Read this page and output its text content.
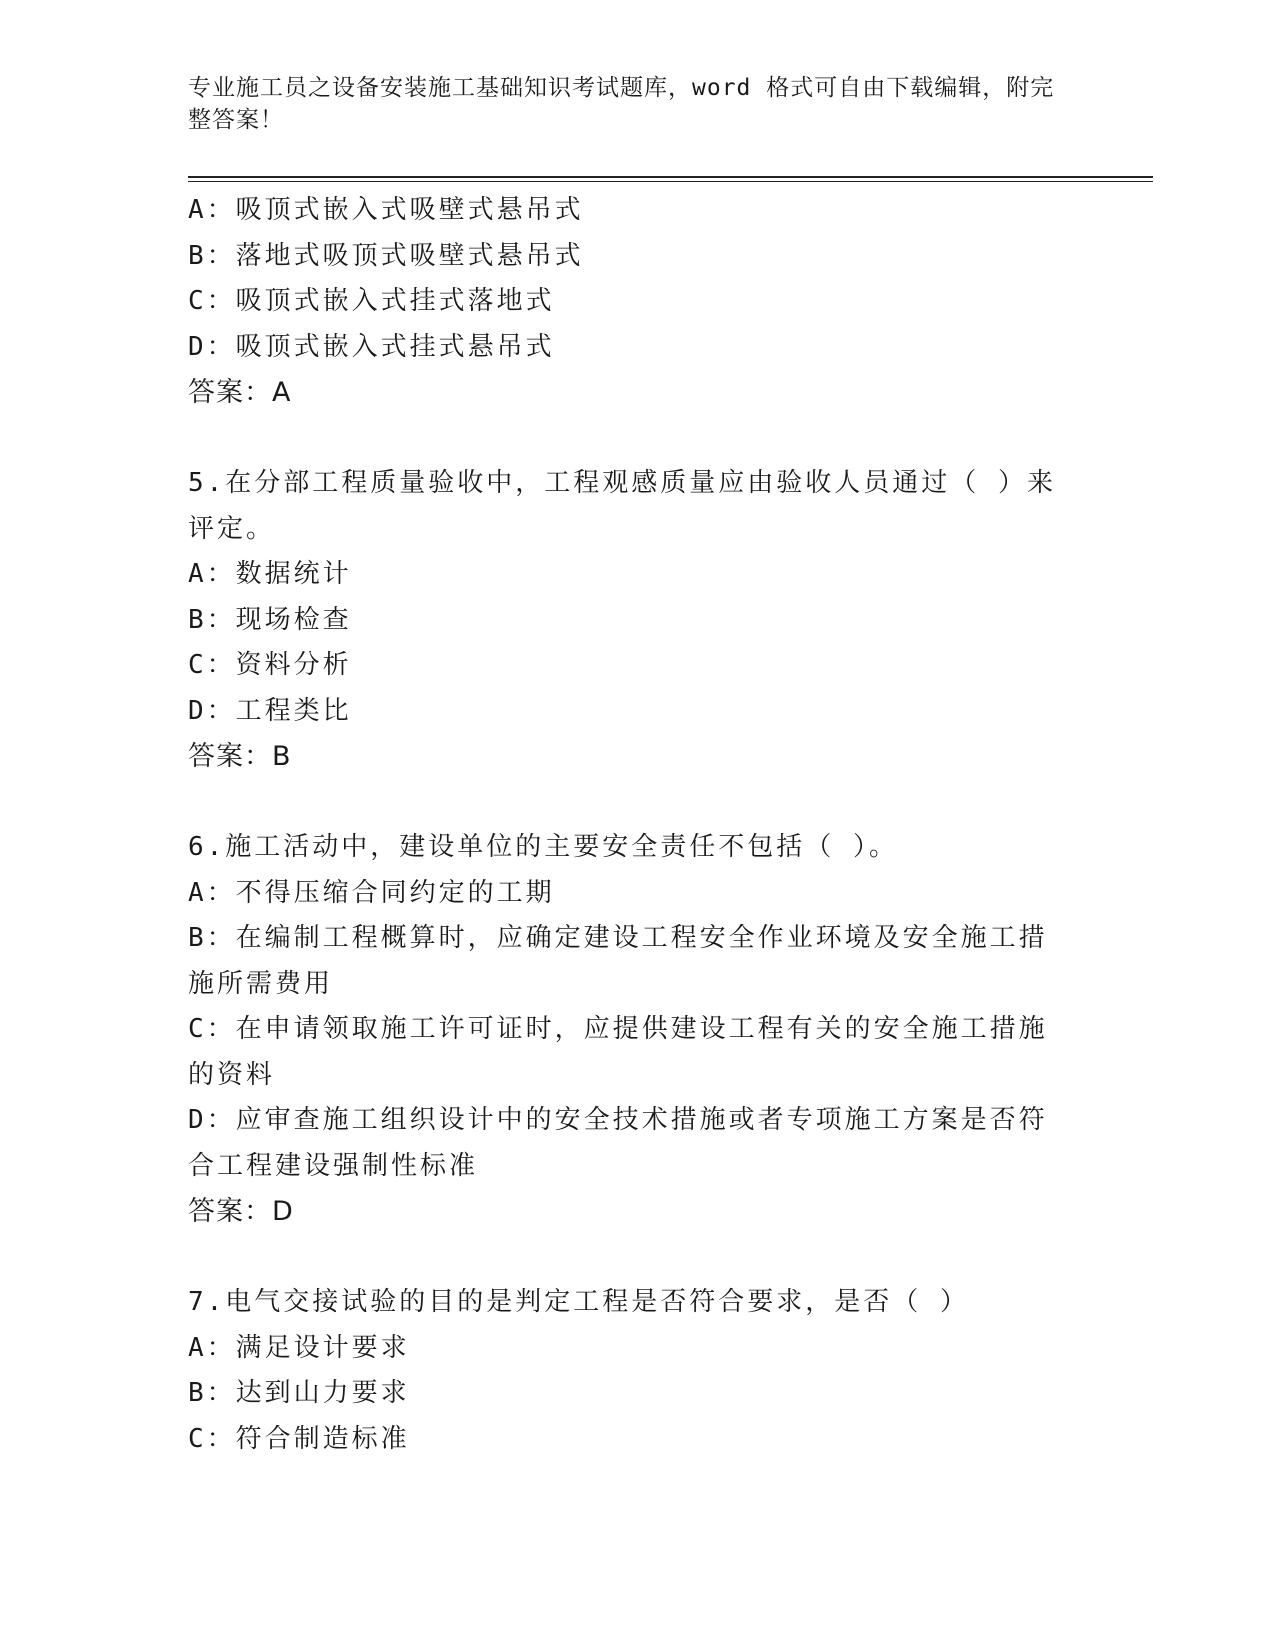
专业施工员之设备安装施工基础知识考试题库，word 格式可自由下载编辑，附完整答案！
A：吸顶式嵌入式吸壁式悬吊式
B：落地式吸顶式吸壁式悬吊式
C：吸顶式嵌入式挂式落地式
D：吸顶式嵌入式挂式悬吊式
答案：A
5.在分部工程质量验收中，工程观感质量应由验收人员通过（ ）来评定。
A：数据统计
B：现场检查
C：资料分析
D：工程类比
答案：B
6.施工活动中，建设单位的主要安全责任不包括（ ）。
A：不得压缩合同约定的工期
B：在编制工程概算时，应确定建设工程安全作业环境及安全施工措施所需费用
C：在申请领取施工许可证时，应提供建设工程有关的安全施工措施的资料
D：应审查施工组织设计中的安全技术措施或者专项施工方案是否符合工程建设强制性标准
答案：D
7.电气交接试验的目的是判定工程是否符合要求，是否（ ）
A：满足设计要求
B：达到山力要求
C：符合制造标准
